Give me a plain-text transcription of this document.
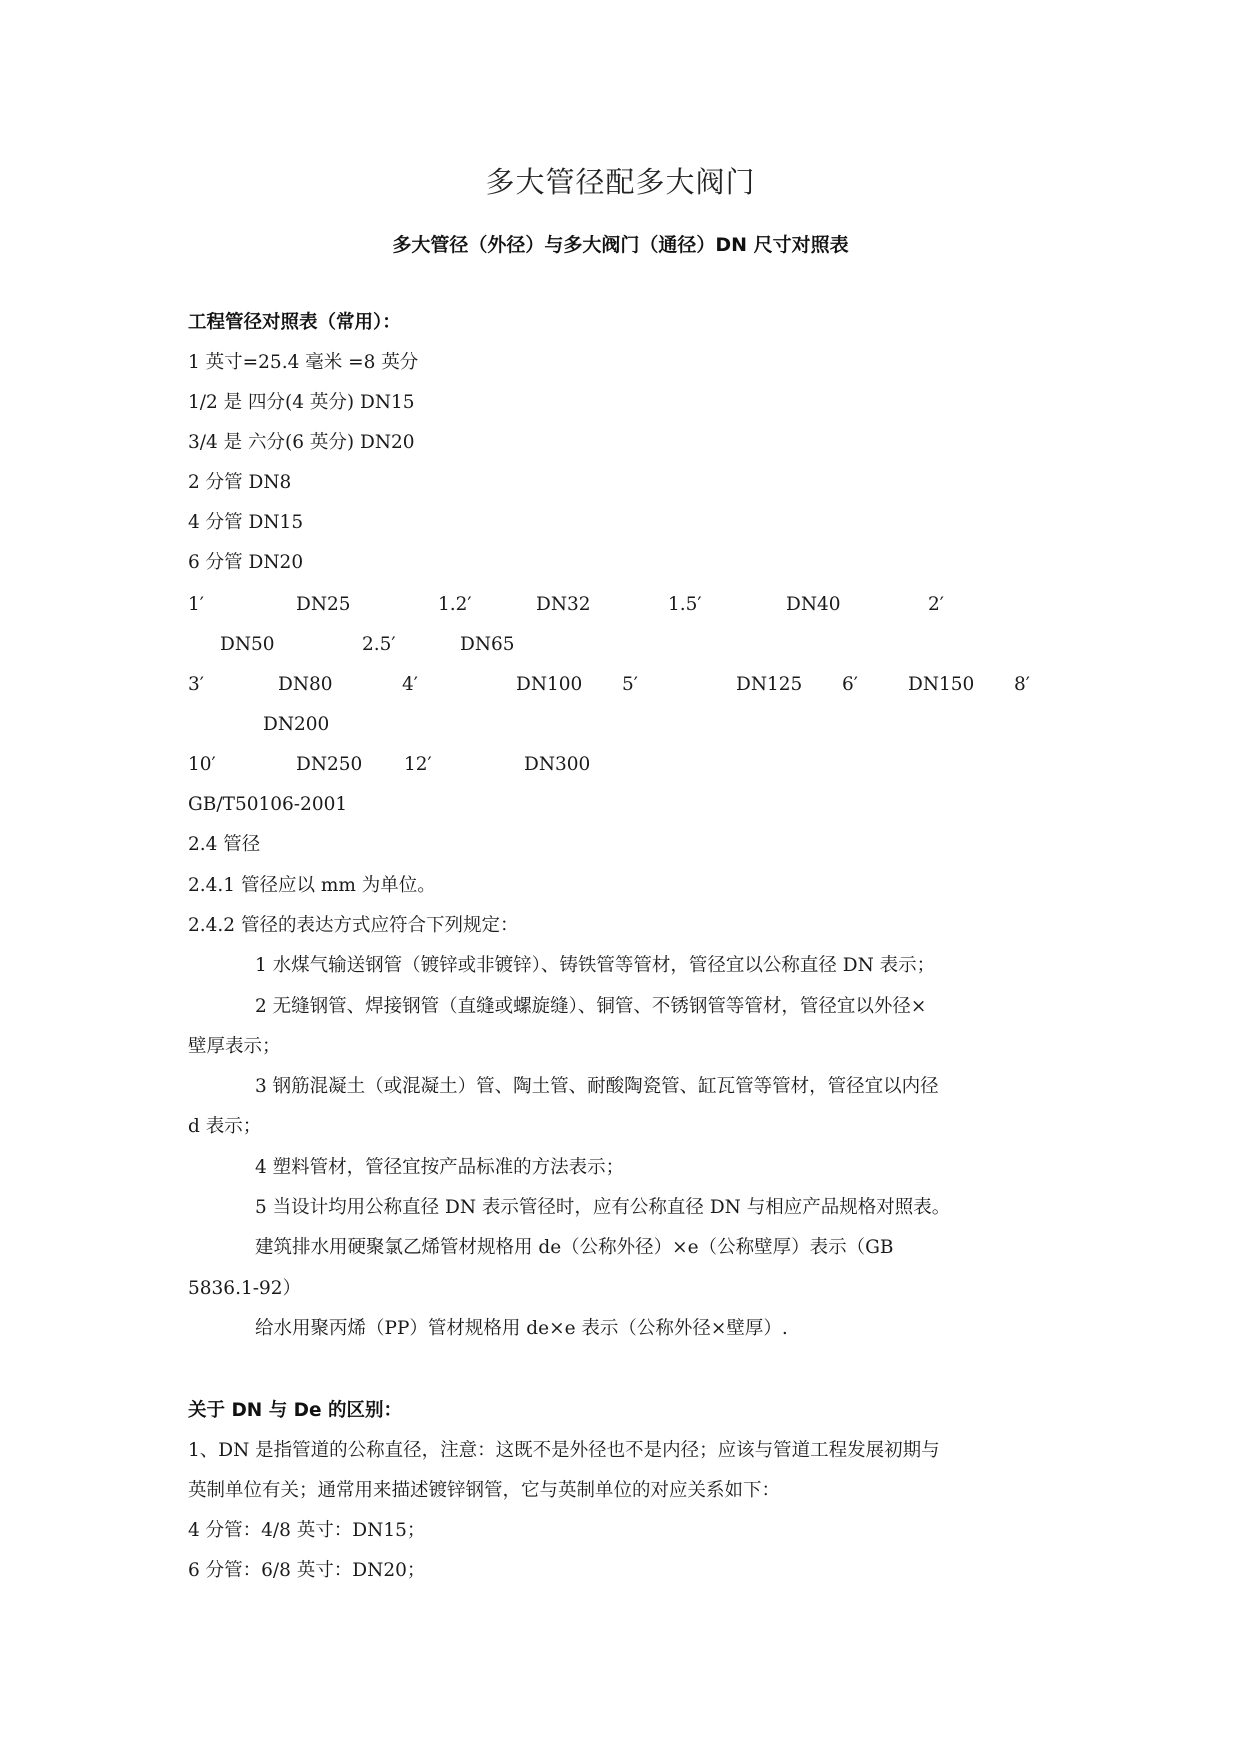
多大管径配多大阀门
多大管径（外径）与多大阀门（通径）DN 尺寸对照表
工程管径对照表（常用）：
1 英寸=25.4 毫米 =8 英分
1/2 是 四分(4 英分) DN15
3/4 是 六分(6 英分) DN20
2 分管 DN8
4 分管 DN15
6 分管 DN20
1′	DN25	1.2′	DN32	1.5′	DN40	2′
DN50	2.5′	DN65
3′	DN80	4′	DN100 5′	DN125 6′	DN150 8′
DN200
10′	DN250 12′	DN300
GB/T50106-2001
2.4 管径
2.4.1 管径应以 mm 为单位。
2.4.2 管径的表达方式应符合下列规定：
1 水煤气输送钢管（镀锌或非镀锌）、铸铁管等管材，管径宜以公称直径 DN 表示；
2 无缝钢管、焊接钢管（直缝或螺旋缝）、铜管、不锈钢管等管材，管径宜以外径×
壁厚表示；
3 钢筋混凝土（或混凝土）管、陶土管、耐酸陶瓷管、缸瓦管等管材，管径宜以内径
d 表示；
4 塑料管材，管径宜按产品标准的方法表示；
5 当设计均用公称直径 DN 表示管径时，应有公称直径 DN 与相应产品规格对照表。
建筑排水用硬聚氯乙烯管材规格用 de（公称外径）×e（公称壁厚）表示（GB
5836.1-92）
给水用聚丙烯（PP）管材规格用 de×e 表示（公称外径×壁厚）.
关于 DN 与 De 的区别：
1、DN 是指管道的公称直径，注意：这既不是外径也不是内径；应该与管道工程发展初期与
英制单位有关；通常用来描述镀锌钢管，它与英制单位的对应关系如下：
4 分管：4/8 英寸：DN15；
6 分管：6/8 英寸：DN20；
